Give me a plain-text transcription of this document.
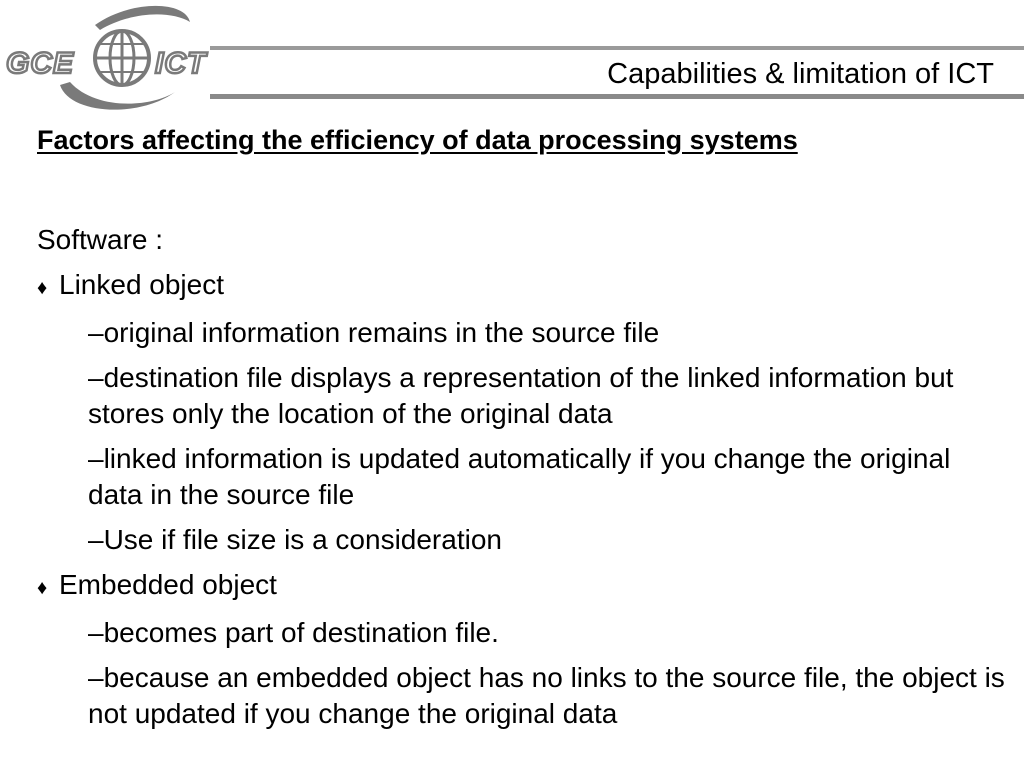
GCE	ICT	Capabilities & limitation of ICT
Factors affecting the efficiency of data processing systems
Software :
♦ Linked object
–original information remains in the source file
–destination file displays a representation of the linked information but stores only the location of the original data
–linked information is updated automatically if you change the original data in the source file
–Use if file size is a consideration
♦ Embedded object
–becomes part of destination file.
–because an embedded object has no links to the source file, the object is not updated if you change the original data
